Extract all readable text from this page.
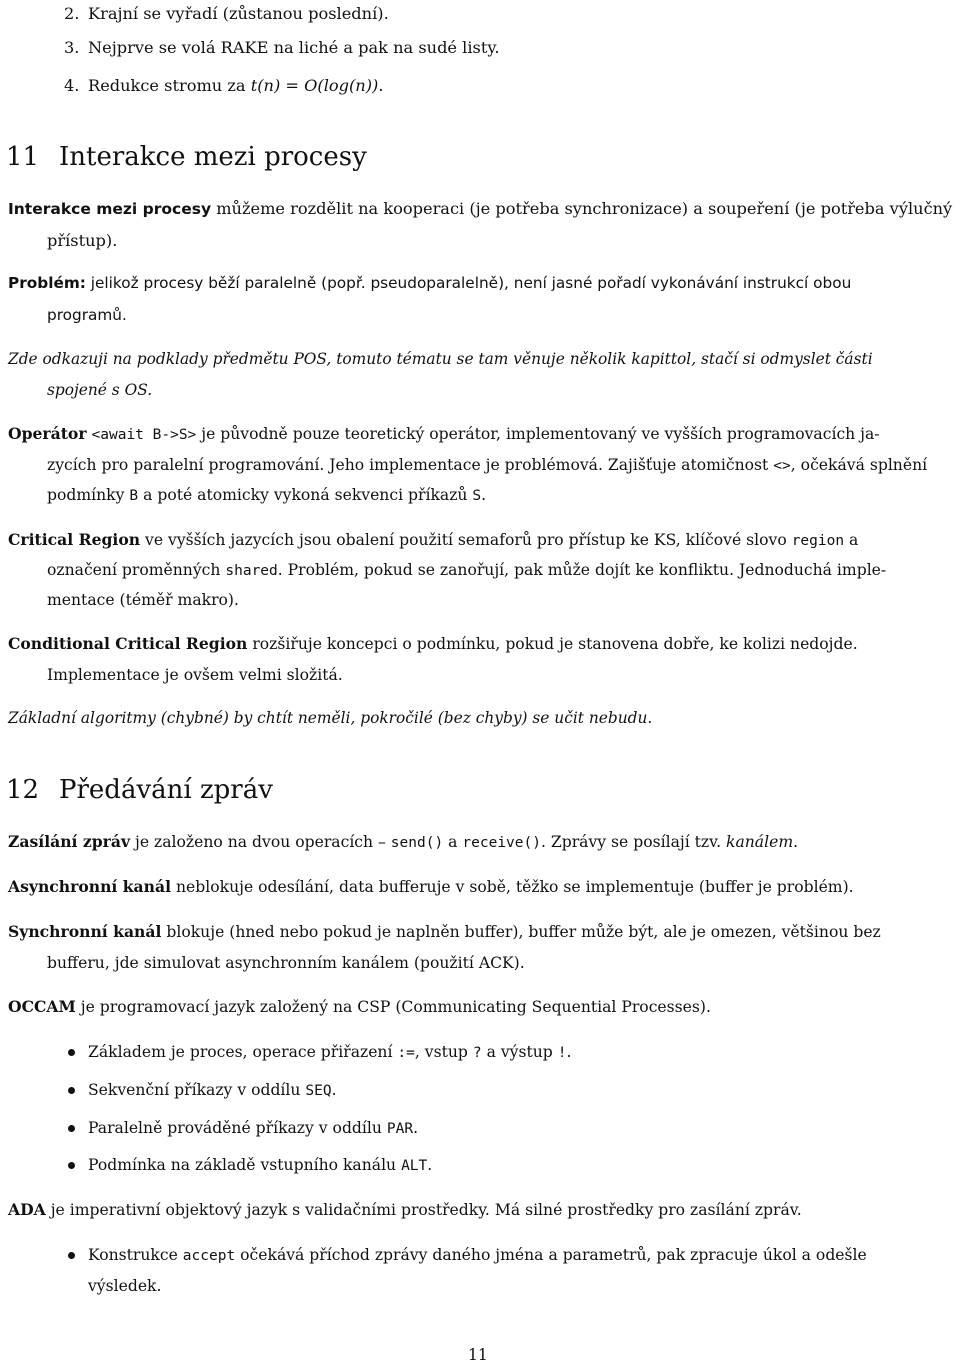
2. Krajní se vyřadí (zůstanou poslední).
3. Nejprve se volá RAKE na liché a pak na sudé listy.
4. Redukce stromu za t(n) = O(log(n)).
11 Interakce mezi procesy
Interakce mezi procesy můžeme rozdělit na kooperaci (je potřeba synchronizace) a soupeření (je potřeba výlučný
přístup).
Problém: jelikož procesy běží paralelně (popř. pseudoparalelně), není jasné pořadí vykonávání instrukcí obou
programů.
Zde odkazuji na podklady předmětu POS, tomuto tématu se tam věnuje několik kapittol, stačí si odmyslet části
spojené s OS.
Operátor <await B->S> je původně pouze teoretický operátor, implementovaný ve vyšších programovacích ja-
zycích pro paralelní programování. Jeho implementace je problémová. Zajišťuje atomičnost <>, očekává splnění
podmínky B a poté atomicky vykoná sekvenci příkazů S.
Critical Region ve vyšších jazycích jsou obalení použití semaforů pro přístup ke KS, klíčové slovo region a
označení proměnných shared. Problém, pokud se zanořují, pak může dojít ke konfliktu. Jednoduchá imple-
mentace (téměř makro).
Conditional Critical Region rozšiřuje koncepci o podmínku, pokud je stanovena dobře, ke kolizi nedojde.
Implementace je ovšem velmi složitá.
Základní algoritmy (chybné) by chtít neměli, pokročilé (bez chyby) se učit nebudu.
12 Předávání zpráv
Zasílání zpráv je založeno na dvou operacích – send() a receive(). Zprávy se posílají tzv. kanálem.
Asynchronní kanál neblokuje odesílání, data bufferuje v sobě, těžko se implementuje (buffer je problém).
Synchronní kanál blokuje (hned nebo pokud je naplněn buffer), buffer může být, ale je omezen, většinou bez
bufferu, jde simulovat asynchronním kanálem (použití ACK).
OCCAM je programovací jazyk založený na CSP (Communicating Sequential Processes).
Základem je proces, operace přiřazení :=, vstup ? a výstup !.
Sekvenční příkazy v oddílu SEQ.
Paralelně prováděné příkazy v oddílu PAR.
Podmínka na základě vstupního kanálu ALT.
ADA je imperativní objektový jazyk s validačními prostředky. Má silné prostředky pro zasílání zpráv.
Konstrukce accept očekává příchod zprávy daného jména a parametrů, pak zpracuje úkol a odešle
výsledek.
11
